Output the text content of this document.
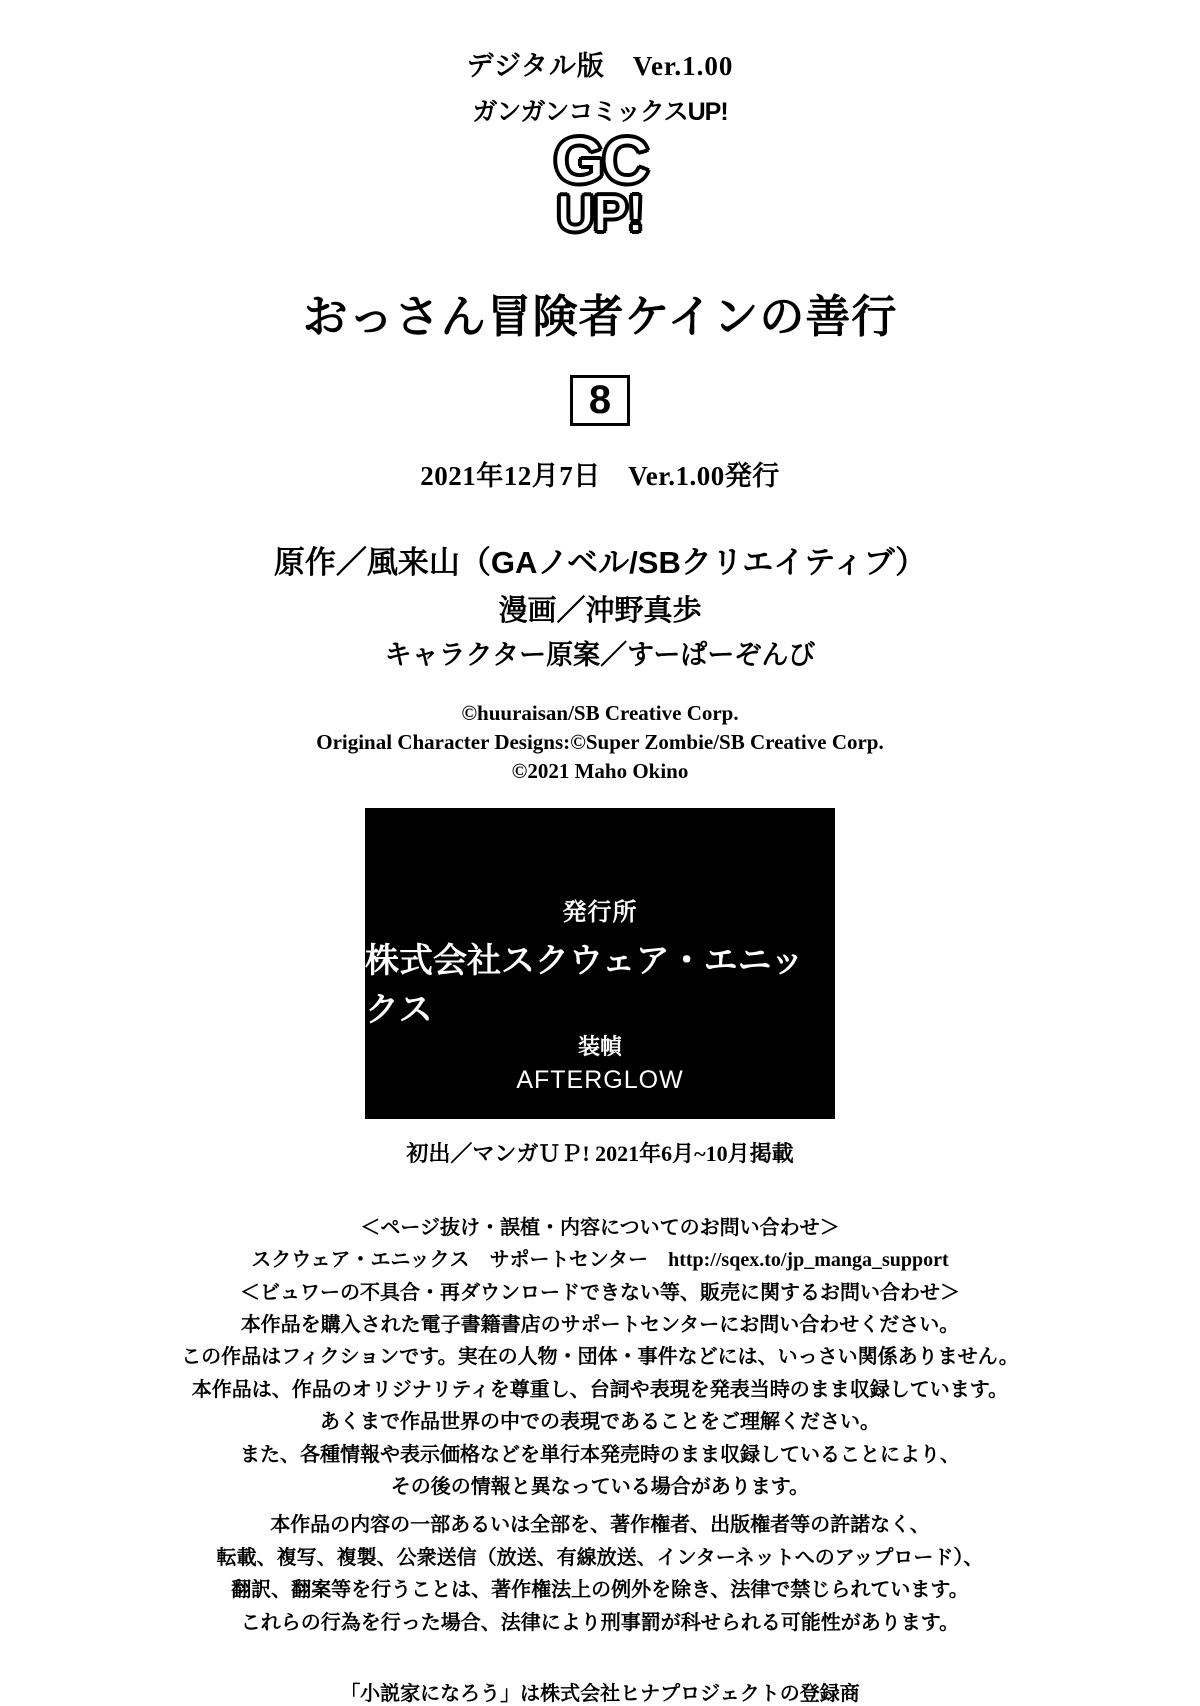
デジタル版　Ver.1.00
ガンガンコミックスUP!
GC
UP!
おっさん冒険者ケインの善行
8
2021年12月7日　Ver.1.00発行
原作／風来山（GAノベル/SBクリエイティブ）
漫画／沖野真歩
キャラクター原案／すーぱーぞんび
©huuraisan/SB Creative Corp.
Original Character Designs:©Super Zombie/SB Creative Corp.
©2021 Maho Okino
発行所
株式会社スクウェア・エニックス
装幀
AFTERGLOW
初出／マンガＵＰ! 2021年6月~10月掲載
＜ページ抜け・誤植・内容についてのお問い合わせ＞
スクウェア・エニックス　サポートセンター　http://sqex.to/jp_manga_support
＜ビュワーの不具合・再ダウンロードできない等、販売に関するお問い合わせ＞
本作品を購入された電子書籍書店のサポートセンターにお問い合わせください。
この作品はフィクションです。実在の人物・団体・事件などには、いっさい関係ありません。
本作品は、作品のオリジナリティを尊重し、台詞や表現を発表当時のまま収録しています。
あくまで作品世界の中での表現であることをご理解ください。
また、各種情報や表示価格などを単行本発売時のまま収録していることにより、
その後の情報と異なっている場合があります。
本作品の内容の一部あるいは全部を、著作権者、出版権者等の許諾なく、
転載、複写、複製、公衆送信（放送、有線放送、インターネットへのアップロード）、
翻訳、翻案等を行うことは、著作権法上の例外を除き、法律で禁じられています。
これらの行為を行った場合、法律により刑事罰が科せられる可能性があります。
「小説家になろう」は株式会社ヒナプロジェクトの登録商
